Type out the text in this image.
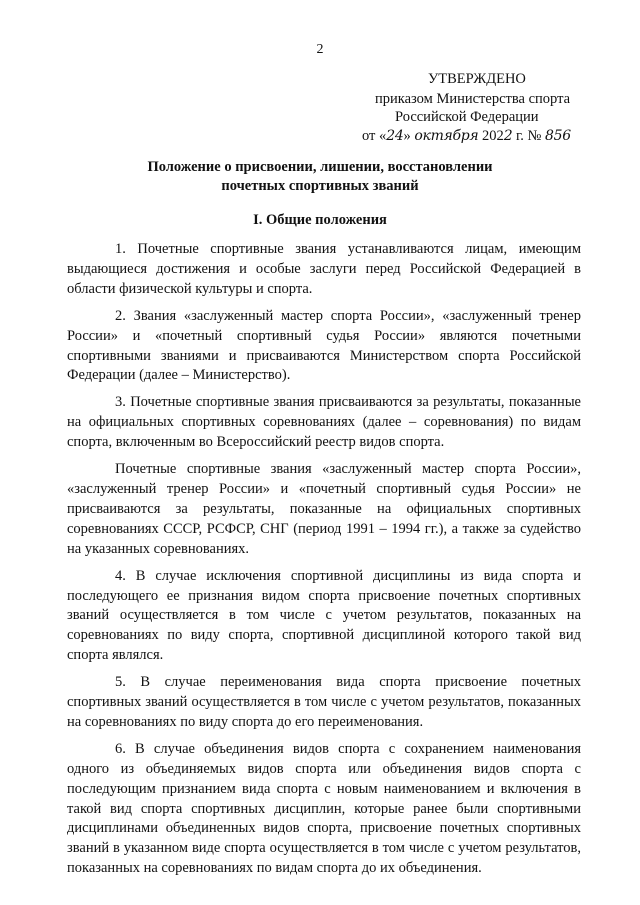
2
УТВЕРЖДЕНО
приказом Министерства спорта
Российской Федерации
от «24» октября 2022 г. № 856
Положение о присвоении, лишении, восстановлении
почетных спортивных званий
I. Общие положения

1. Почетные спортивные звания устанавливаются лицам, имеющим выдающиеся достижения и особые заслуги перед Российской Федерацией в области физической культуры и спорта.

2. Звания «заслуженный мастер спорта России», «заслуженный тренер России» и «почетный спортивный судья России» являются почетными спортивными званиями и присваиваются Министерством спорта Российской Федерации (далее – Министерство).

3. Почетные спортивные звания присваиваются за результаты, показанные на официальных спортивных соревнованиях (далее – соревнования) по видам спорта, включенным во Всероссийский реестр видов спорта.

Почетные спортивные звания «заслуженный мастер спорта России», «заслуженный тренер России» и «почетный спортивный судья России» не присваиваются за результаты, показанные на официальных спортивных соревнованиях СССР, РСФСР, СНГ (период 1991 – 1994 гг.), а также за судейство на указанных соревнованиях.

4. В случае исключения спортивной дисциплины из вида спорта и последующего ее признания видом спорта присвоение почетных спортивных званий осуществляется в том числе с учетом результатов, показанных на соревнованиях по виду спорта, спортивной дисциплиной которого такой вид спорта являлся.

5. В случае переименования вида спорта присвоение почетных спортивных званий осуществляется в том числе с учетом результатов, показанных на соревнованиях по виду спорта до его переименования.

6. В случае объединения видов спорта с сохранением наименования одного из объединяемых видов спорта или объединения видов спорта с последующим признанием вида спорта с новым наименованием и включения в такой вид спорта спортивных дисциплин, которые ранее были спортивными дисциплинами объединенных видов спорта, присвоение почетных спортивных званий в указанном виде спорта осуществляется в том числе с учетом результатов, показанных на соревнованиях по видам спорта до их объединения.
